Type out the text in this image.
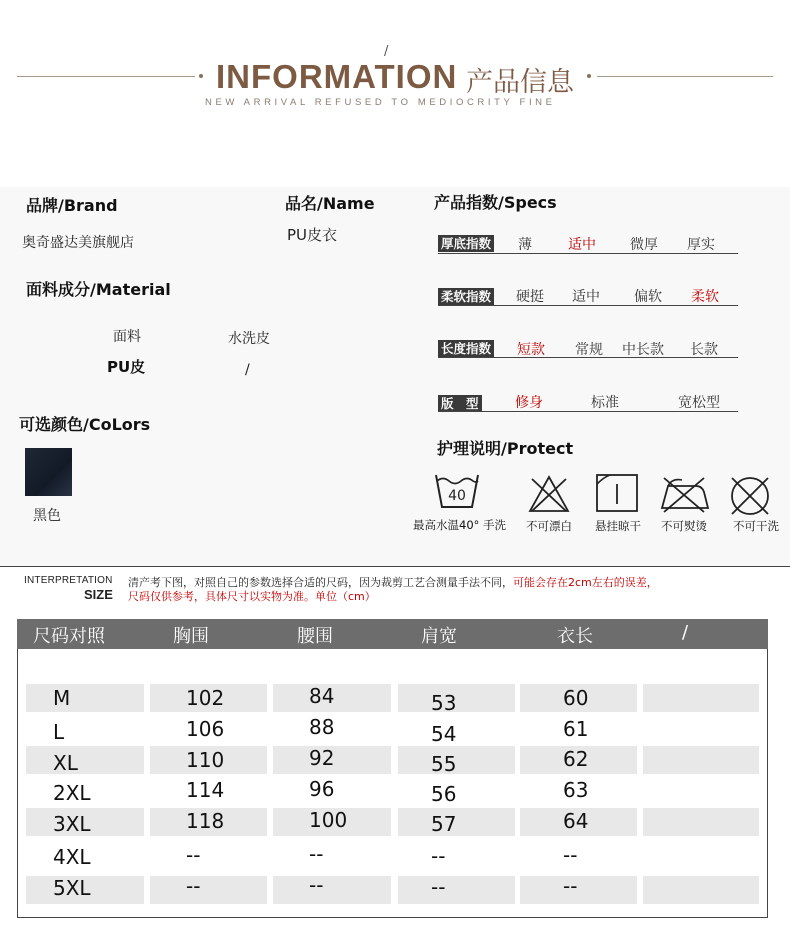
/
INFORMATION 产品信息
NEW ARRIVAL REFUSED TO MEDIOCRITY FINE
品牌/Brand
奥奇盛达美旗舰店
品名/Name
PU皮衣
面料成分/Material
面料
PU皮
水洗皮
/
可选颜色/CoLors
黑色
产品指数/Specs
厚底指数 薄	适中 微厚 厚实
柔软指数 硬挺 适中 偏软 柔软
长度指数 短款 常规 中长款 长款
版　型	修身	标准	宽松型
护理说明/Protect
40
最高水温40° 手洗 不可漂白 悬挂晾干 不可熨烫 不可干洗
INTERPRETATION
SIZE
清产考下图，对照自己的参数选择合适的尺码，因为裁剪工艺合测量手法不同，可能会存在2cm左右的误差，
尺码仅供参考，具体尺寸以实物为准。单位（cm）
尺码对照	胸围	腰围	肩宽	衣长	/
M	102	84	53	60
L	106	88	54	61
XL	110	92	55	62
2XL	114	96	56	63
3XL	118	100	57	64
4XL	--	--	--	--
5XL	--	--	--	--
